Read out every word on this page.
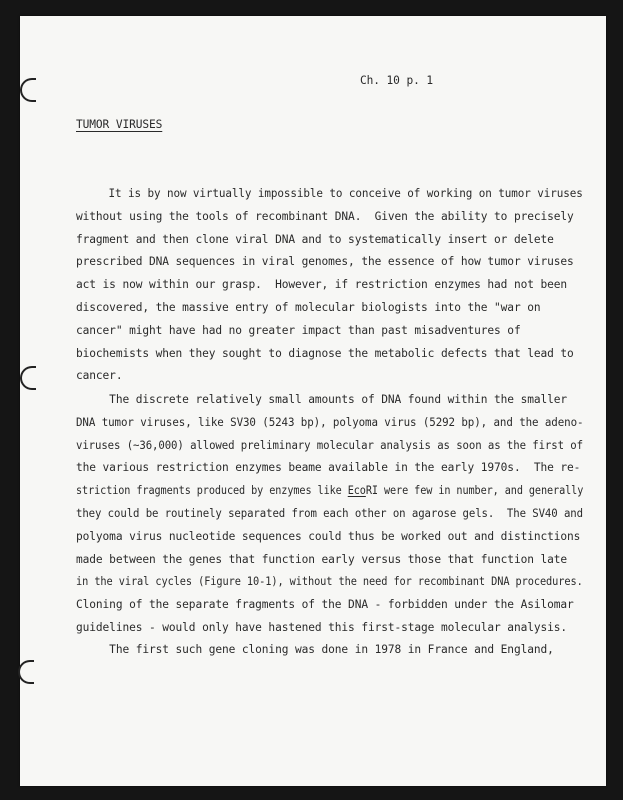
Ch. 10 p. 1
TUMOR VIRUSES
It is by now virtually impossible to conceive of working on tumor viruses
without using the tools of recombinant DNA.  Given the ability to precisely
fragment and then clone viral DNA and to systematically insert or delete
prescribed DNA sequences in viral genomes, the essence of how tumor viruses
act is now within our grasp.  However, if restriction enzymes had not been
discovered, the massive entry of molecular biologists into the "war on
cancer" might have had no greater impact than past misadventures of
biochemists when they sought to diagnose the metabolic defects that lead to
cancer.
The discrete relatively small amounts of DNA found within the smaller
DNA tumor viruses, like SV30 (5243 bp), polyoma virus (5292 bp), and the adeno-
viruses (~36,000) allowed preliminary molecular analysis as soon as the first of
the various restriction enzymes beame available in the early 1970s.  The re-
striction fragments produced by enzymes like EcoRI were few in number, and generally
they could be routinely separated from each other on agarose gels.  The SV40 and
polyoma virus nucleotide sequences could thus be worked out and distinctions
made between the genes that function early versus those that function late
in the viral cycles (Figure 10-1), without the need for recombinant DNA procedures.
Cloning of the separate fragments of the DNA - forbidden under the Asilomar
guidelines - would only have hastened this first-stage molecular analysis.
The first such gene cloning was done in 1978 in France and England,
